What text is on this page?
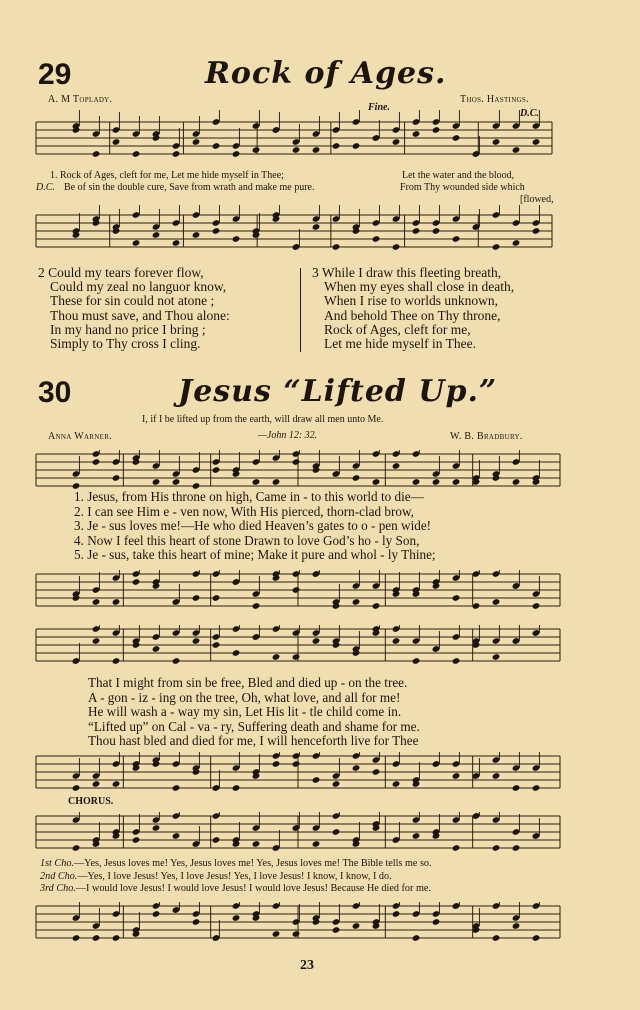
29	Rock of Ages.
A. M Toplady.	Thos. Hastings.
Fine.
D.C.
1. Rock of Ages, cleft for me, Let me hide myself in Thee;	Let the water and the blood,
D.C. Be of sin the double cure, Save from wrath and make me pure.	From Thy wounded side which
[flowed,
2 Could my tears forever flow,
Could my zeal no languor know,
These for sin could not atone ;
Thou must save, and Thou alone:
In my hand no price I bring ;
Simply to Thy cross I cling.
3 While I draw this fleeting breath,
When my eyes shall close in death,
When I rise to worlds unknown,
And behold Thee on Thy throne,
Rock of Ages, cleft for me,
Let me hide myself in Thee.
30	Jesus “Lifted Up.”
I, if I be lifted up from the earth, will draw all men unto Me.
Anna Warner.	—John 12: 32.	W. B. Bradbury.
1. Jesus, from His throne on high, Came in - to this world to die—
2. I can see Him e - ven now, With His pierced, thorn-clad brow,
3. Je - sus loves me!—He who died Heaven’s gates to o - pen wide!
4. Now I feel this heart of stone Drawn to love God’s ho - ly Son,
5. Je - sus, take this heart of mine; Make it pure and whol - ly Thine;
That I might from sin be free, Bled and died up - on the tree.
A - gon - iz - ing on the tree, Oh, what love, and all for me!
He will wash a - way my sin, Let His lit - tle child come in.
“Lifted up” on Cal - va - ry, Suffering death and shame for me.
Thou hast bled and died for me, I will henceforth live for Thee
CHORUS.
1st Cho.—Yes, Jesus loves me! Yes, Jesus loves me! Yes, Jesus loves me! The Bible tells me so.
2nd Cho.—Yes, I love Jesus! Yes, I love Jesus! Yes, I love Jesus! I know, I know, I do.
3rd Cho.—I would love Jesus! I would love Jesus! I would love Jesus! Because He died for me.
23
